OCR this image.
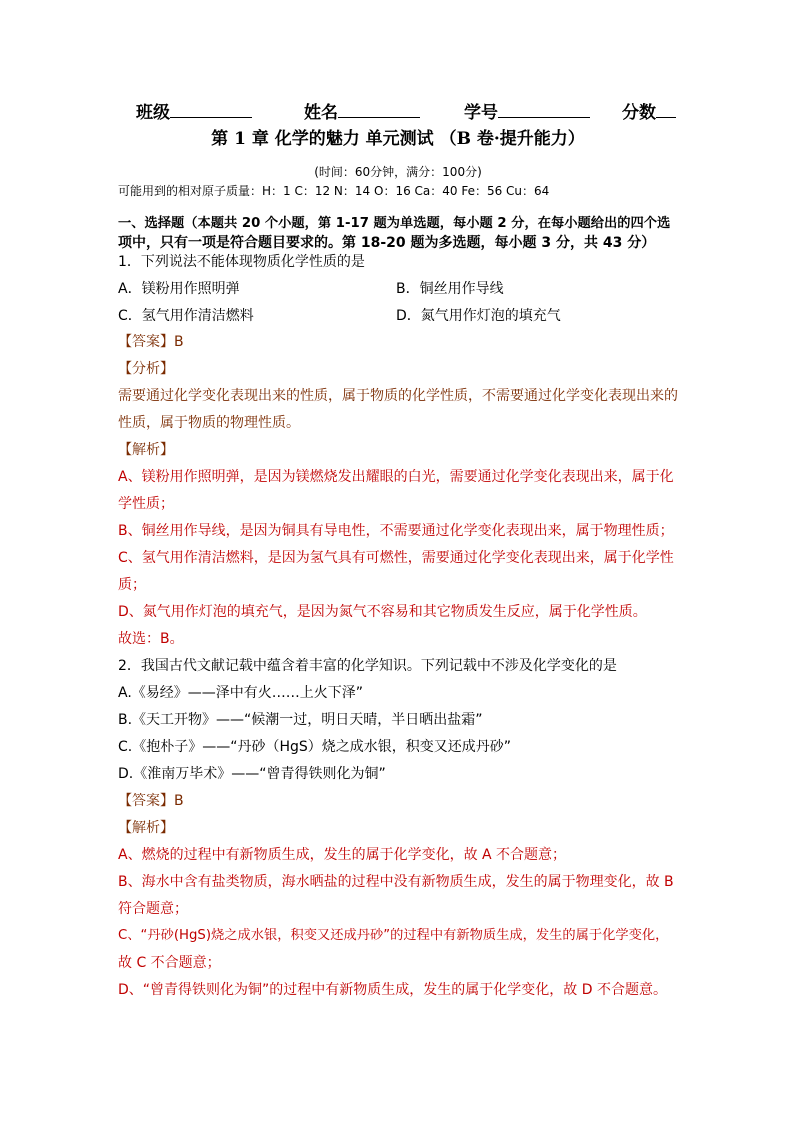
班级	姓名	学号	分数
第 1 章 化学的魅力 单元测试 （B 卷·提升能力）
(时间：60分钟，满分：100分)
可能用到的相对原子质量：H：1 C：12 N：14 O：16 Ca：40 Fe：56 Cu：64
一、选择题（本题共 20 个小题，第 1-17 题为单选题，每小题 2 分，在每小题给出的四个选
项中，只有一项是符合题目要求的。第 18-20 题为多选题，每小题 3 分，共 43 分）
1．下列说法不能体现物质化学性质的是
A．镁粉用作照明弹	B．铜丝用作导线
C．氢气用作清洁燃料	D．氮气用作灯泡的填充气
【答案】B
【分析】
需要通过化学变化表现出来的性质，属于物质的化学性质，不需要通过化学变化表现出来的
性质，属于物质的物理性质。
【解析】
A、镁粉用作照明弹，是因为镁燃烧发出耀眼的白光，需要通过化学变化表现出来，属于化
学性质；
B、铜丝用作导线，是因为铜具有导电性，不需要通过化学变化表现出来，属于物理性质；
C、氢气用作清洁燃料，是因为氢气具有可燃性，需要通过化学变化表现出来，属于化学性
质；
D、氮气用作灯泡的填充气，是因为氮气不容易和其它物质发生反应，属于化学性质。
故选：B。
2．我国古代文献记载中蕴含着丰富的化学知识。下列记载中不涉及化学变化的是
A.《易经》——泽中有火……上火下泽”
B.《天工开物》——“候潮一过，明日天晴，半日晒出盐霜”
C.《抱朴子》——“丹砂（HgS）烧之成水银，积变又还成丹砂”
D.《淮南万毕术》——“曾青得铁则化为铜”
【答案】B
【解析】
A、燃烧的过程中有新物质生成，发生的属于化学变化，故 A 不合题意；
B、海水中含有盐类物质，海水晒盐的过程中没有新物质生成，发生的属于物理变化，故 B
符合题意；
C、“丹砂(HgS)烧之成水银，积变又还成丹砂”的过程中有新物质生成，发生的属于化学变化，
故 C 不合题意；
D、“曾青得铁则化为铜”的过程中有新物质生成，发生的属于化学变化，故 D 不合题意。
